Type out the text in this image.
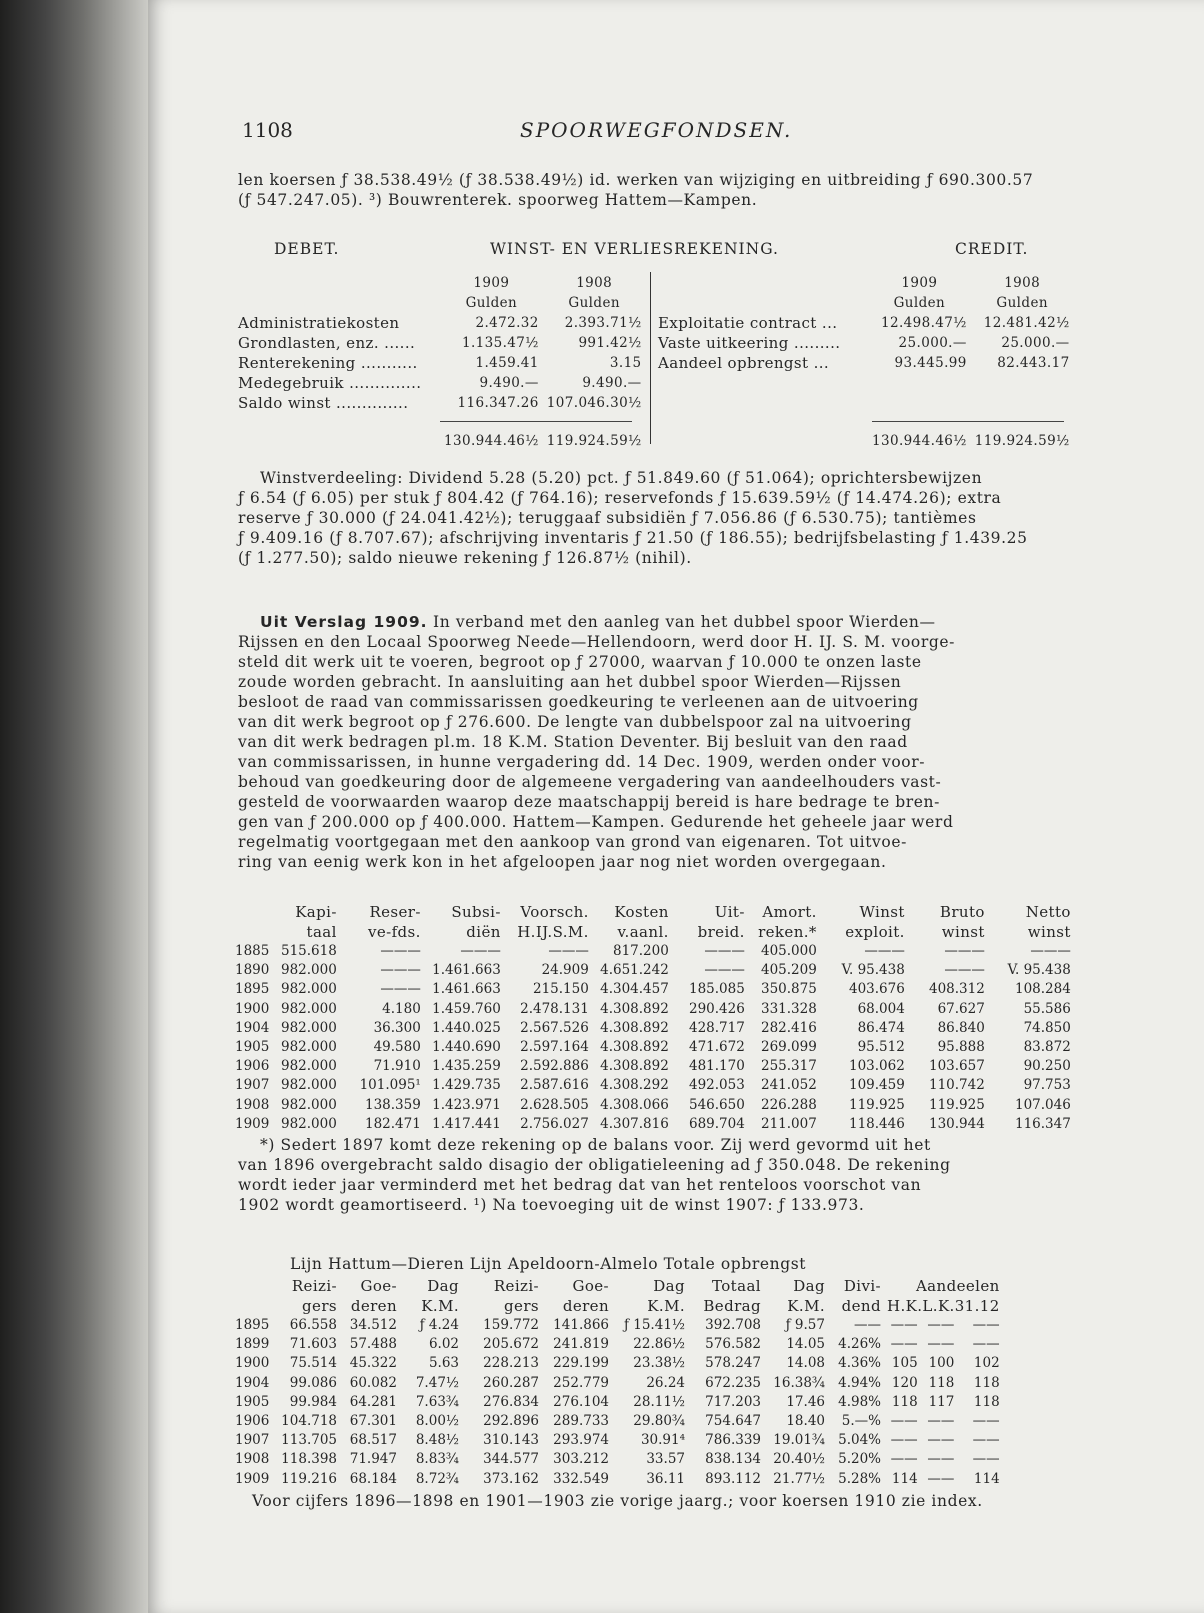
1108	SPOORWEGFONDSEN.

len koersen ƒ 38.538.49½ (ƒ 38.538.49½) id. werken van wijziging en uitbreiding ƒ 690.300.57

(ƒ 547.247.05). ³) Bouwrenterek. spoorweg Hattem—Kampen.

DEBET.	WINST- EN VERLIESREKENING.	CREDIT.
	1909	1908
	Gulden	Gulden
Administratiekosten	2.472.32	2.393.71½
Grondlasten, enz. ......	1.135.47½	991.42½
Renterekening ...........	1.459.41	3.15
Medegebruik ..............	9.490.—	9.490.—
Saldo winst ..............	116.347.26	107.046.30½

	130.944.46½	119.924.59½
	1909	1908
	Gulden	Gulden
Exploitatie contract ...	12.498.47½	12.481.42½
Vaste uitkeering .........	25.000.—	25.000.—
Aandeel opbrengst ...	93.445.99	82.443.17

	130.944.46½	119.924.59½

Winstverdeeling: Dividend 5.28 (5.20) pct. ƒ 51.849.60 (ƒ 51.064); oprichtersbewijzen

ƒ 6.54 (ƒ 6.05) per stuk ƒ 804.42 (ƒ 764.16); reservefonds ƒ 15.639.59½ (ƒ 14.474.26); extra

reserve ƒ 30.000 (ƒ 24.041.42½); teruggaaf subsidiën ƒ 7.056.86 (ƒ 6.530.75); tantièmes

ƒ 9.409.16 (ƒ 8.707.67); afschrijving inventaris ƒ 21.50 (ƒ 186.55); bedrijfsbelasting ƒ 1.439.25

(ƒ 1.277.50); saldo nieuwe rekening ƒ 126.87½ (nihil).

Uit Verslag 1909. In verband met den aanleg van het dubbel spoor Wierden—

Rijssen en den Locaal Spoorweg Neede—Hellendoorn, werd door H. IJ. S. M. voorge-

steld dit werk uit te voeren, begroot op ƒ 27000, waarvan ƒ 10.000 te onzen laste

zoude worden gebracht. In aansluiting aan het dubbel spoor Wierden—Rijssen

besloot de raad van commissarissen goedkeuring te verleenen aan de uitvoering

van dit werk begroot op ƒ 276.600. De lengte van dubbelspoor zal na uitvoering

van dit werk bedragen pl.m. 18 K.M. Station Deventer. Bij besluit van den raad

van commissarissen, in hunne vergadering dd. 14 Dec. 1909, werden onder voor-

behoud van goedkeuring door de algemeene vergadering van aandeelhouders vast-

gesteld de voorwaarden waarop deze maatschappij bereid is hare bedrage te bren-

gen van ƒ 200.000 op ƒ 400.000. Hattem—Kampen. Gedurende het geheele jaar werd

regelmatig voortgegaan met den aankoop van grond van eigenaren. Tot uitvoe-

ring van eenig werk kon in het afgeloopen jaar nog niet worden overgegaan.

	Kapi-	Reser-	Subsi-	Voorsch.	Kosten	Uit-	Amort.	Winst	Bruto	Netto
	taal	ve-fds.	diën	H.IJ.S.M.	v.aanl.	breid.	reken.*	exploit.	winst	winst
1885	515.618	———	———	———	817.200	———	405.000	———	———	———
1890	982.000	———	1.461.663	24.909	4.651.242	———	405.209	V. 95.438	———	V. 95.438
1895	982.000	———	1.461.663	215.150	4.304.457	185.085	350.875	403.676	408.312	108.284
1900	982.000	4.180	1.459.760	2.478.131	4.308.892	290.426	331.328	68.004	67.627	55.586
1904	982.000	36.300	1.440.025	2.567.526	4.308.892	428.717	282.416	86.474	86.840	74.850
1905	982.000	49.580	1.440.690	2.597.164	4.308.892	471.672	269.099	95.512	95.888	83.872
1906	982.000	71.910	1.435.259	2.592.886	4.308.892	481.170	255.317	103.062	103.657	90.250
1907	982.000	101.095¹	1.429.735	2.587.616	4.308.292	492.053	241.052	109.459	110.742	97.753
1908	982.000	138.359	1.423.971	2.628.505	4.308.066	546.650	226.288	119.925	119.925	107.046
1909	982.000	182.471	1.417.441	2.756.027	4.307.816	689.704	211.007	118.446	130.944	116.347

*) Sedert 1897 komt deze rekening op de balans voor. Zij werd gevormd uit het

van 1896 overgebracht saldo disagio der obligatieleening ad ƒ 350.048. De rekening

wordt ieder jaar verminderd met het bedrag dat van het renteloos voorschot van

1902 wordt geamortiseerd. ¹) Na toevoeging uit de winst 1907: ƒ 133.973.

Lijn Hattum—Dieren Lijn Apeldoorn-Almelo Totale opbrengst
	Reizi-	Goe-	Dag	Reizi-	Goe-	Dag	Totaal	Dag	Divi-	Aandeelen		
	gers	deren	K.M.	gers	deren	K.M.	Bedrag	K.M.	dend	H.K.L.K.31.12		
1895	66.558	34.512	ƒ 4.24	159.772	141.866	ƒ 15.41½	392.708	ƒ 9.57	——	——	——	——
1899	71.603	57.488	6.02	205.672	241.819	22.86½	576.582	14.05	4.26%	——	——	——
1900	75.514	45.322	5.63	228.213	229.199	23.38½	578.247	14.08	4.36%	105	100	102
1904	99.086	60.082	7.47½	260.287	252.779	26.24	672.235	16.38¾	4.94%	120	118	118
1905	99.984	64.281	7.63¾	276.834	276.104	28.11½	717.203	17.46	4.98%	118	117	118
1906	104.718	67.301	8.00½	292.896	289.733	29.80¾	754.647	18.40	5.—%	——	——	——
1907	113.705	68.517	8.48½	310.143	293.974	30.91⁴	786.339	19.01¾	5.04%	——	——	——
1908	118.398	71.947	8.83¾	344.577	303.212	33.57	838.134	20.40½	5.20%	——	——	——
1909	119.216	68.184	8.72¾	373.162	332.549	36.11	893.112	21.77½	5.28%	114	——	114
Voor cijfers 1896—1898 en 1901—1903 zie vorige jaarg.; voor koersen 1910 zie index.
